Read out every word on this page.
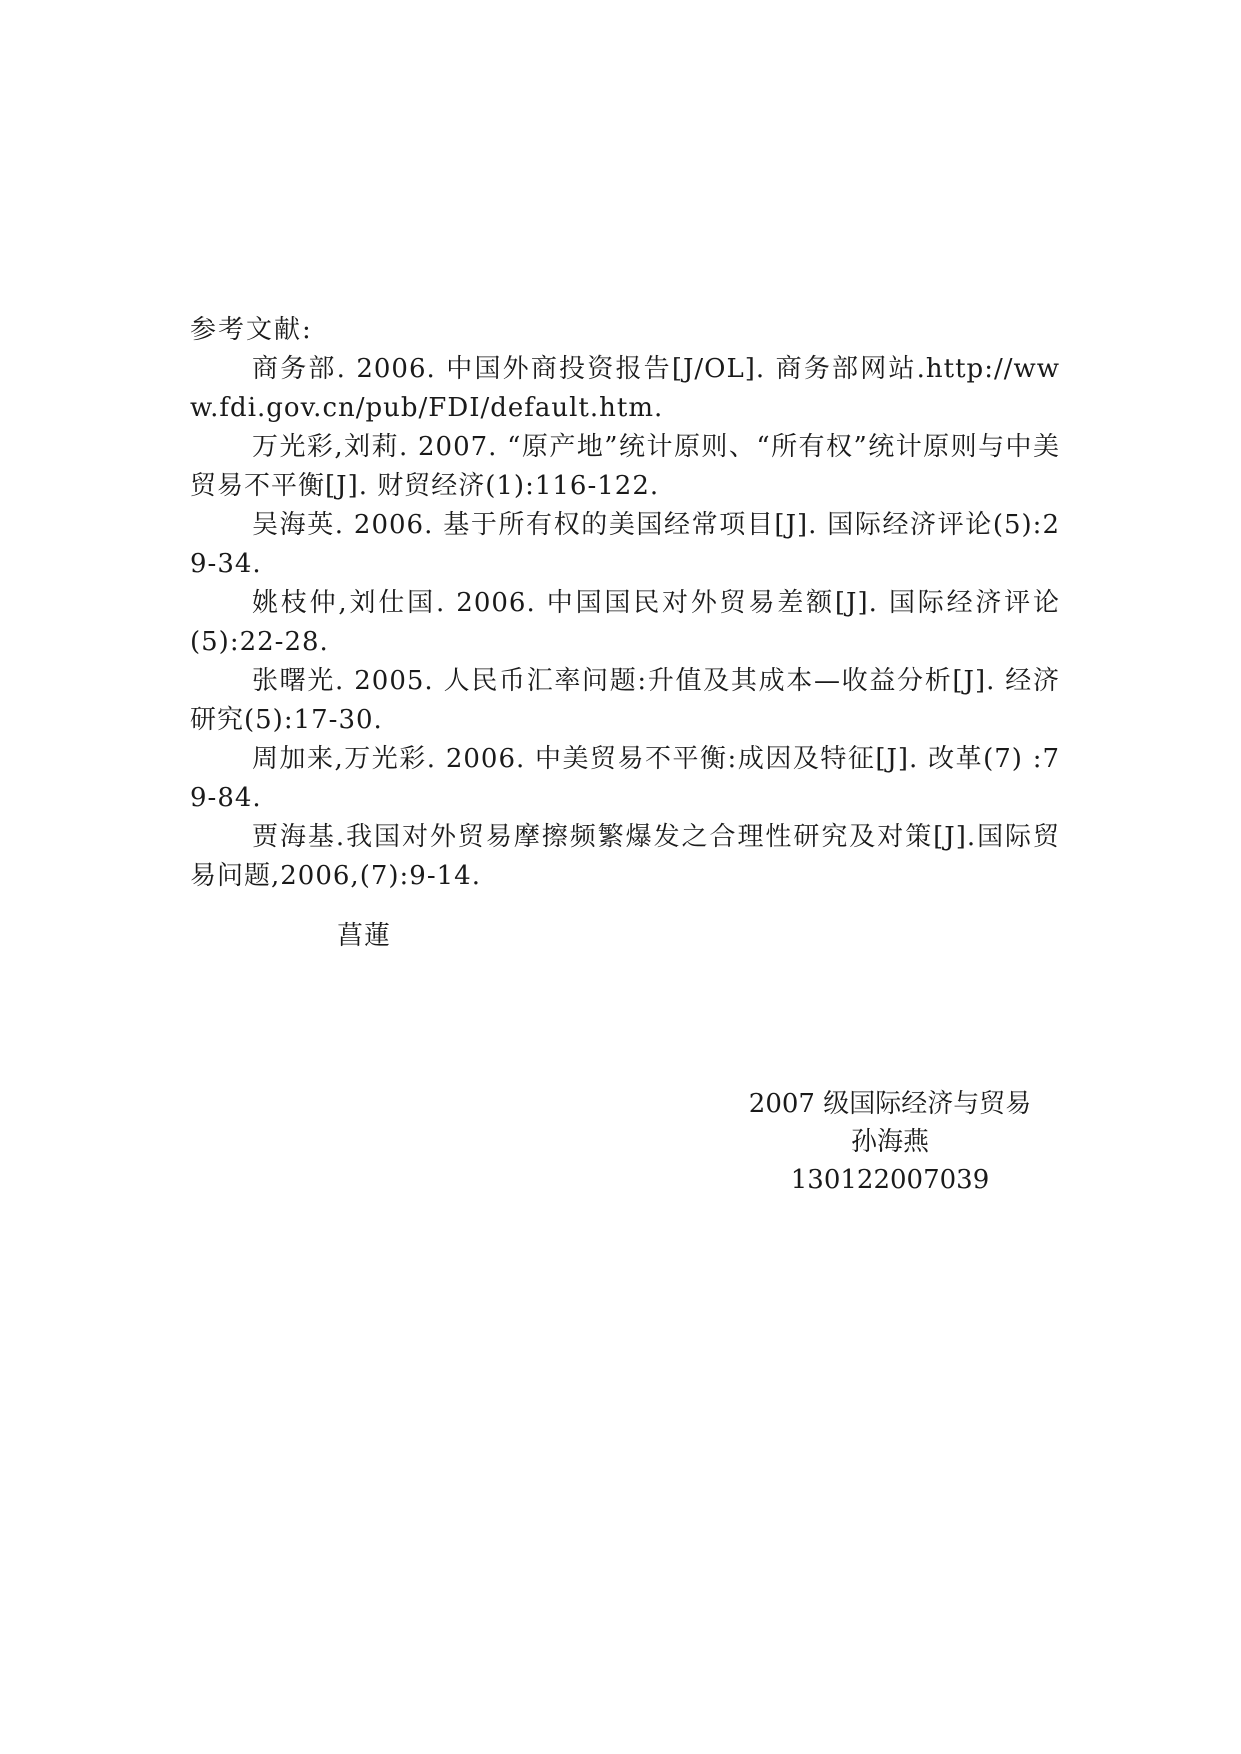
参考文献:
商务部. 2006. 中国外商投资报告[J/OL]. 商务部网站.http://www.fdi.gov.cn/pub/FDI/default.htm.
万光彩,刘莉. 2007. “原产地”统计原则、“所有权”统计原则与中美贸易不平衡[J]. 财贸经济(1):116-122.
吴海英. 2006. 基于所有权的美国经常项目[J]. 国际经济评论(5):29-34.
姚枝仲,刘仕国. 2006. 中国国民对外贸易差额[J]. 国际经济评论(5):22-28.
张曙光. 2005. 人民币汇率问题:升值及其成本—收益分析[J]. 经济研究(5):17-30.
周加来,万光彩. 2006. 中美贸易不平衡:成因及特征[J]. 改革(7) :79-84.
贾海基.我国对外贸易摩擦频繁爆发之合理性研究及对策[J].国际贸易问题,2006,(7):9-14.
菖蓮
2007 级国际经济与贸易
孙海燕
130122007039
